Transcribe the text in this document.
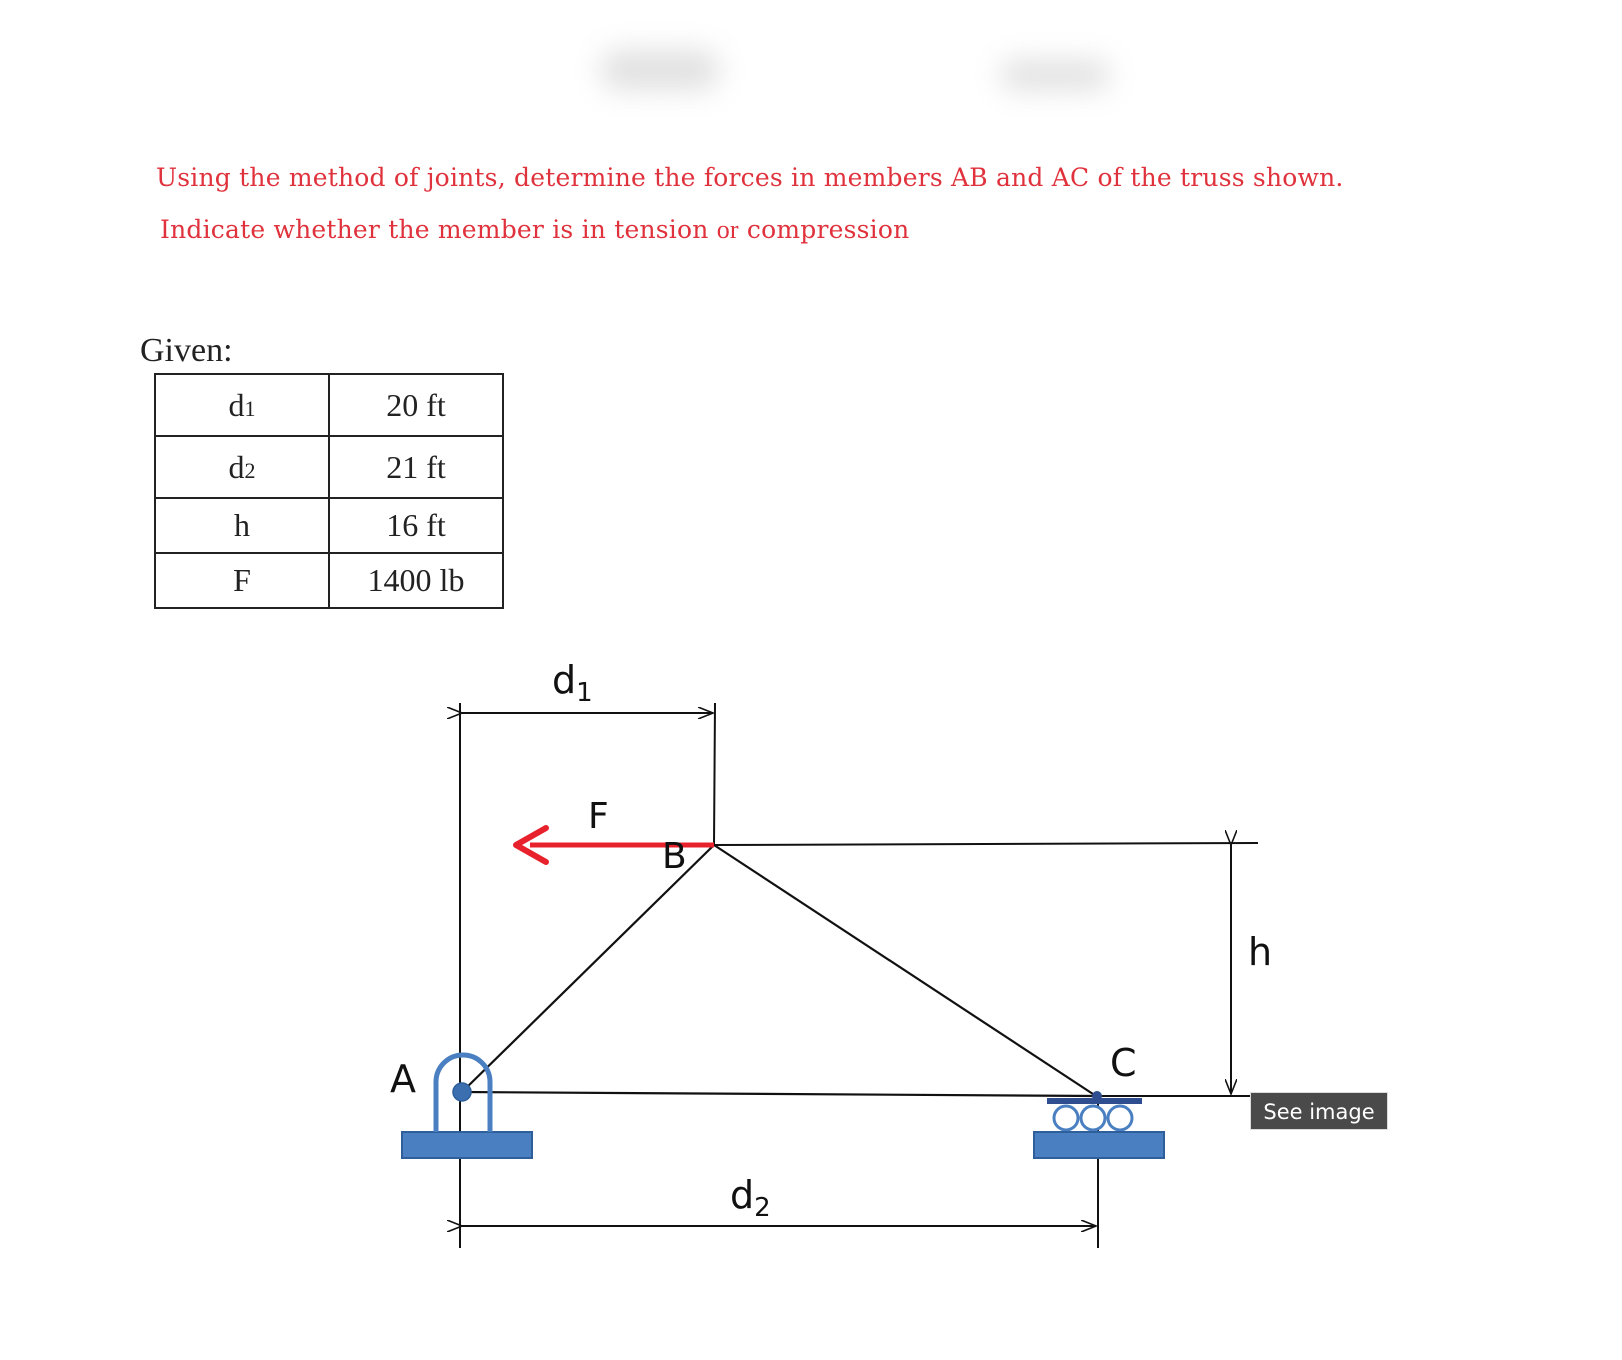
Using the method of joints, determine the forces in members AB and AC of the truss shown.
Indicate whether the member is in tension or compression
Given:
d1	20 ft
d2	21 ft
h	16 ft
F	1400 lb
$d_1$
h
$d_2$
F
A
B
C
See image
